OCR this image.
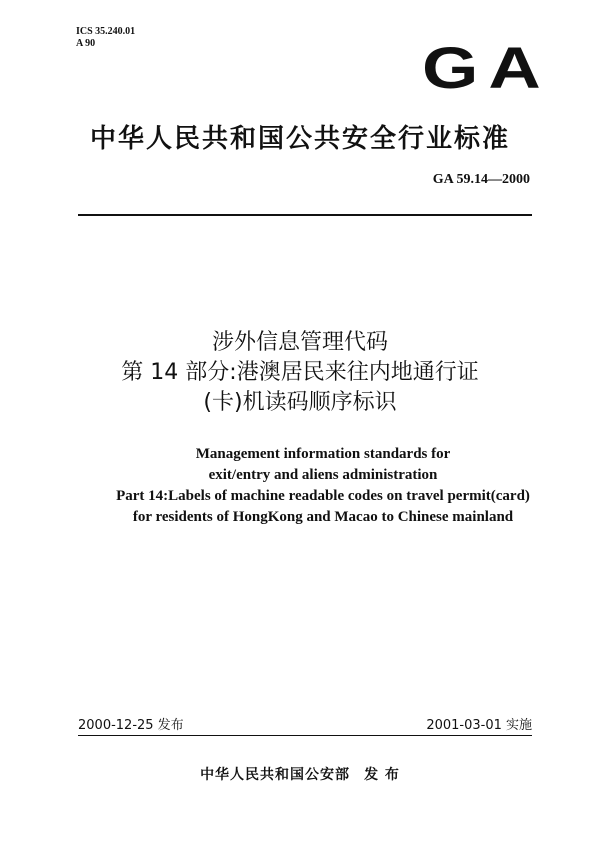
ICS 35.240.01
A 90	GA
中华人民共和国公共安全行业标准
GA 59.14—2000
涉外信息管理代码
第 14 部分:港澳居民来往内地通行证
(卡)机读码顺序标识
Management information standards for
exit/entry and aliens administration
Part 14:Labels of machine readable codes on travel permit(card)
for residents of HongKong and Macao to Chinese mainland
2000-12-25 发布	2001-03-01 实施
中华人民共和国公安部 发 布
